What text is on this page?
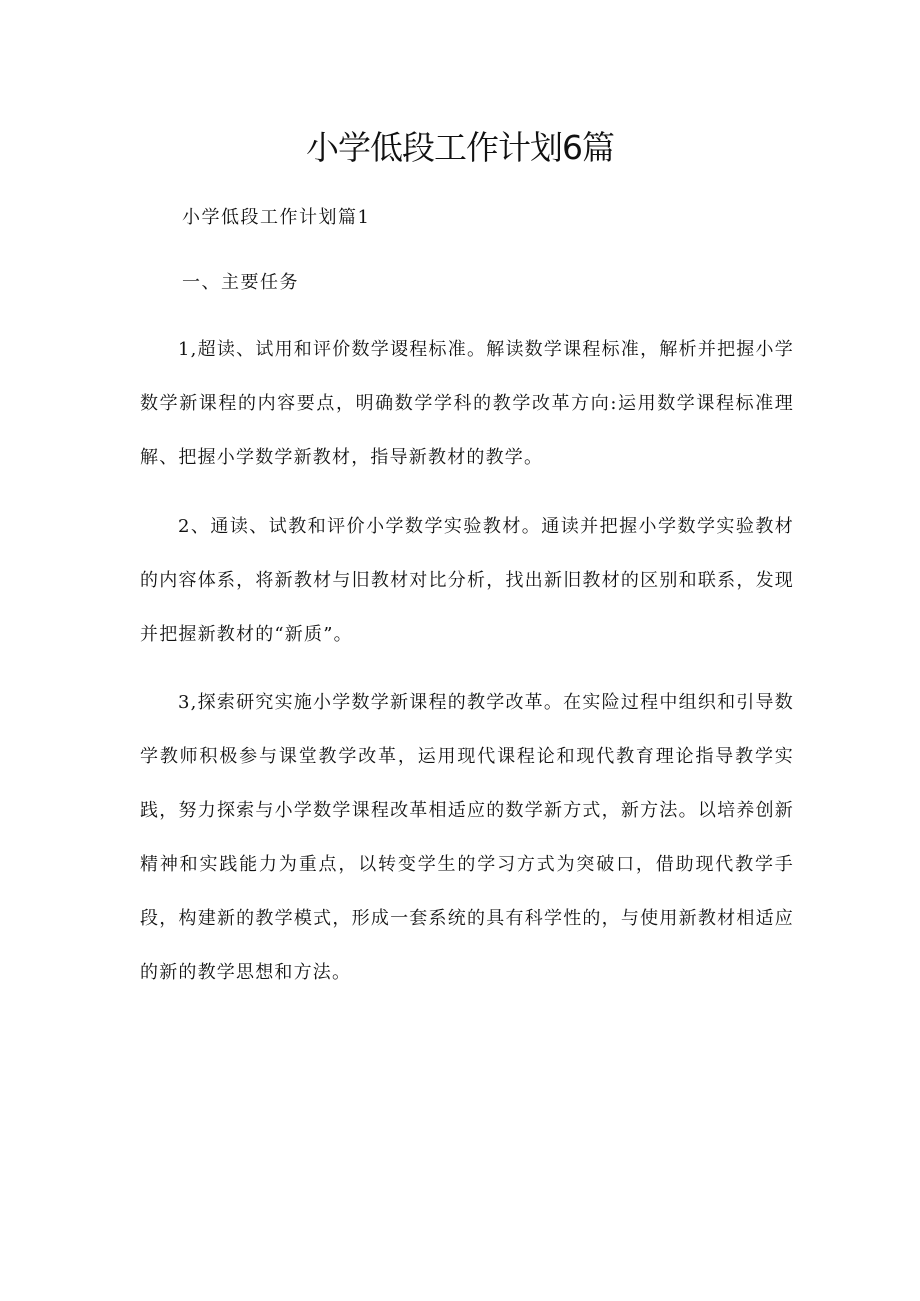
小学低段工作计划6篇
小学低段工作计划篇1
一、主要任务

1,超读、试用和评价数学谡程标准。解读数学课程标准，解析并把握小学数学新课程的内容要点，明确数学学科的教学改革方向:运用数学课程标准理解、把握小学数学新教材，指导新教材的教学。

2、通读、试教和评价小学数学实验教材。通读并把握小学数学实验教材的内容体系，将新教材与旧教材对比分析，找出新旧教材的区别和联系，发现并把握新教材的“新质”。

3,探索研究实施小学数学新课程的教学改革。在实险过程中组织和引导数学教师积极参与课堂教学改革，运用现代课程论和现代教育理论指导教学实践，努力探索与小学数学课程改革相适应的数学新方式，新方法。以培养创新精神和实践能力为重点，以转变学生的学习方式为突破口，借助现代教学手段，构建新的教学模式，形成一套系统的具有科学性的，与使用新教材相适应的新的教学思想和方法。
